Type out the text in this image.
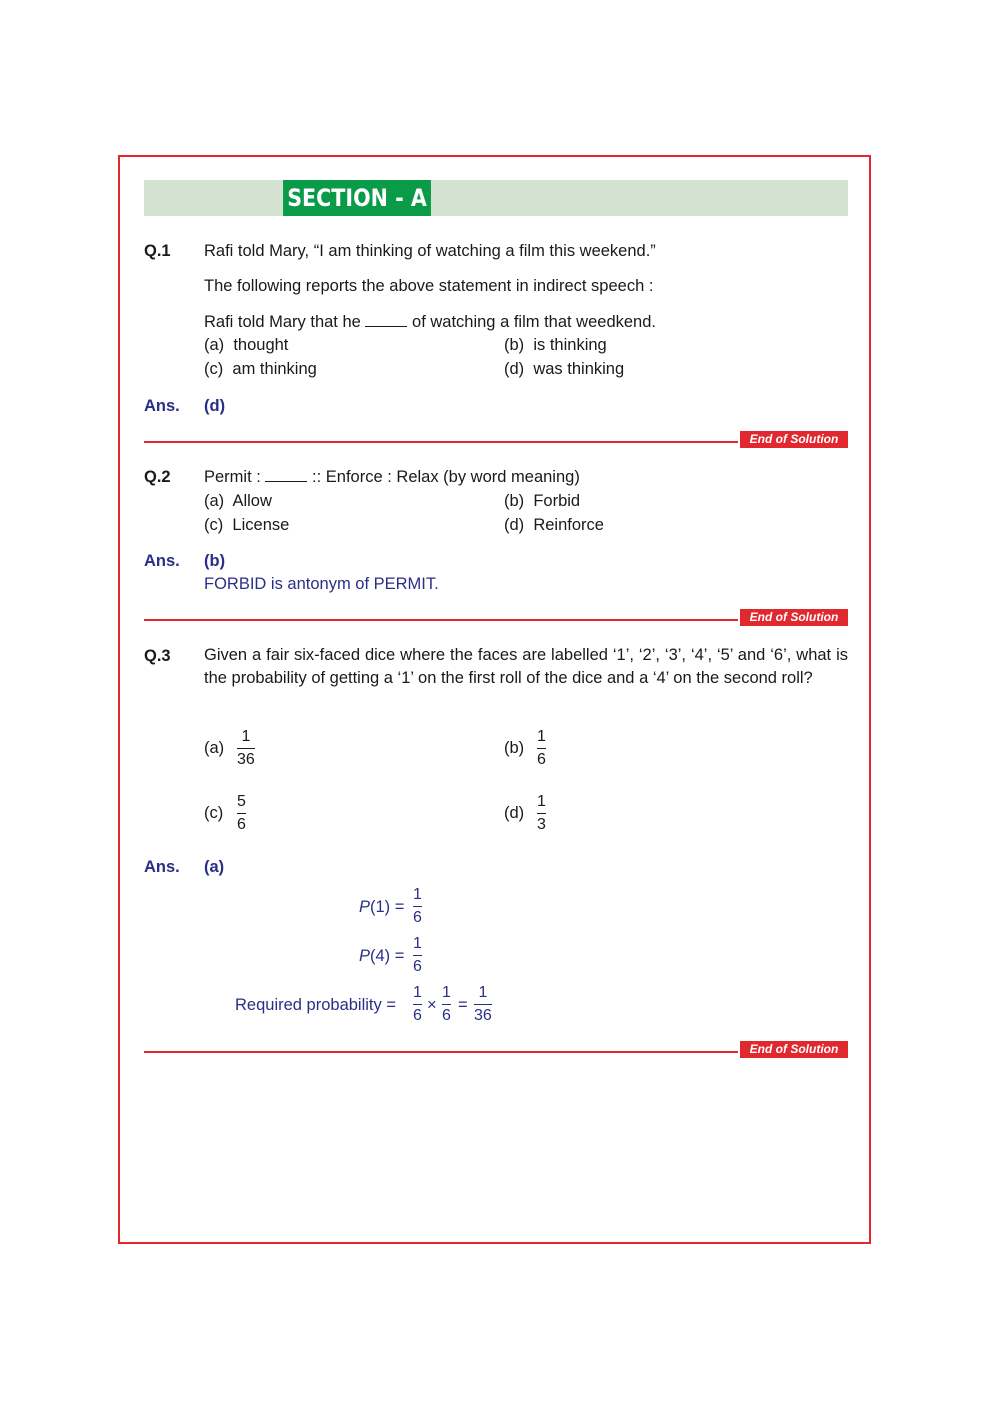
SECTION - A
Q.1 Rafi told Mary, “I am thinking of watching a film this weekend.”
The following reports the above statement in indirect speech :
Rafi told Mary that he	of watching a film that weedkend.
(a) thought	(b) is thinking
(c) am thinking	(d) was thinking
Ans. (d)
End of Solution
Q.2 Permit :	:: Enforce : Relax (by word meaning)
(a) Allow	(b) Forbid
(c) License	(d) Reinforce
Ans. (b)
FORBID is antonym of PERMIT.
End of Solution
Q.3 Given a fair six-faced dice where the faces are labelled ‘1’, ‘2’, ‘3’, ‘4’, ‘5’ and ‘6’, what is the probability of getting a ‘1’ on the first roll of the dice and a ‘4’ on the second roll?
(a)
1
36
(b)
1
6
(c)
5
6
(d)
1
3
Ans. (a)
P(1) =
1
6
P(4) =
1
6
Required probability =
1
6
×
1
6
=
1
36
End of Solution
